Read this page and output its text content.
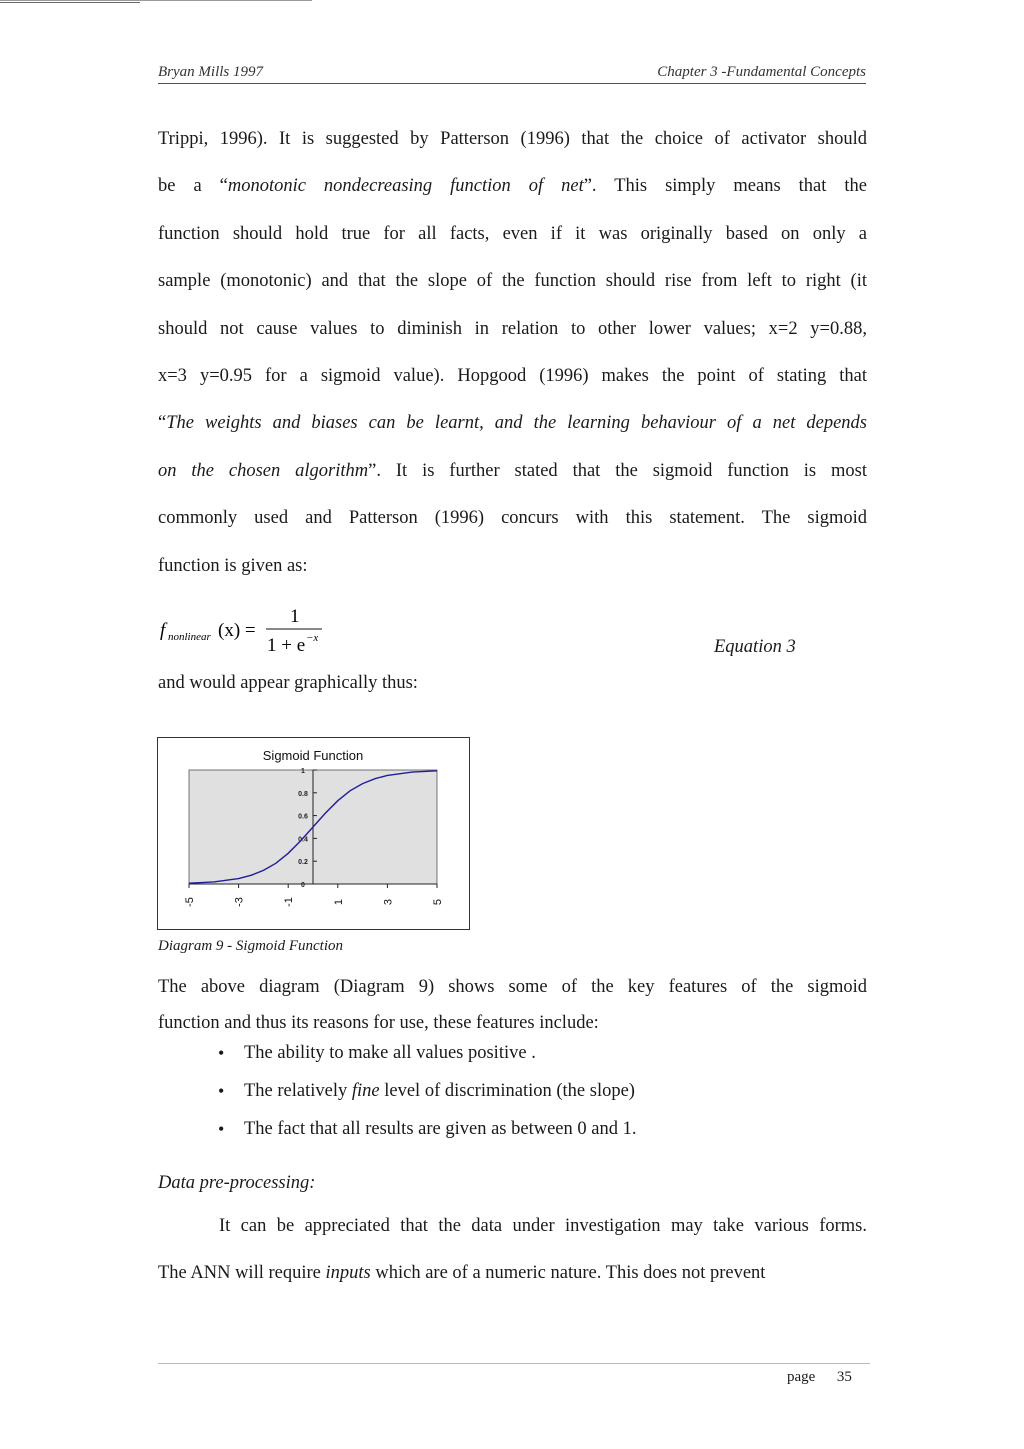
Bryan Mills 1997	Chapter 3 -Fundamental Concepts
Trippi, 1996). It is suggested by Patterson (1996) that the choice of activator should
be a “monotonic nondecreasing function of net”. This simply means that the
function should hold true for all facts, even if it was originally based on only a
sample (monotonic) and that the slope of the function should rise from left to right (it
should not cause values to diminish in relation to other lower values; x=2 y=0.88,
x=3 y=0.95 for a sigmoid value). Hopgood (1996) makes the point of stating that
“The weights and biases can be learnt, and the learning behaviour of a net depends
on the chosen algorithm”. It is further stated that the sigmoid function is most
commonly used and Patterson (1996) concurs with this statement. The sigmoid
function is given as:
f nonlinear (x) =
1
1 + e −x	Equation 3
and would appear graphically thus:
Sigmoid Function
-5	-3	-1	1	3	5
0
0.2
0.4
0.6
0.8
1
Diagram 9 - Sigmoid Function
The above diagram (Diagram 9) shows some of the key features of the sigmoid
function and thus its reasons for use, these features include:
• The ability to make all values positive .
• The relatively fine level of discrimination (the slope)
• The fact that all results are given as between 0 and 1.
Data pre-processing:
It can be appreciated that the data under investigation may take various forms.
The ANN will require inputs which are of a numeric nature. This does not prevent
page 35
